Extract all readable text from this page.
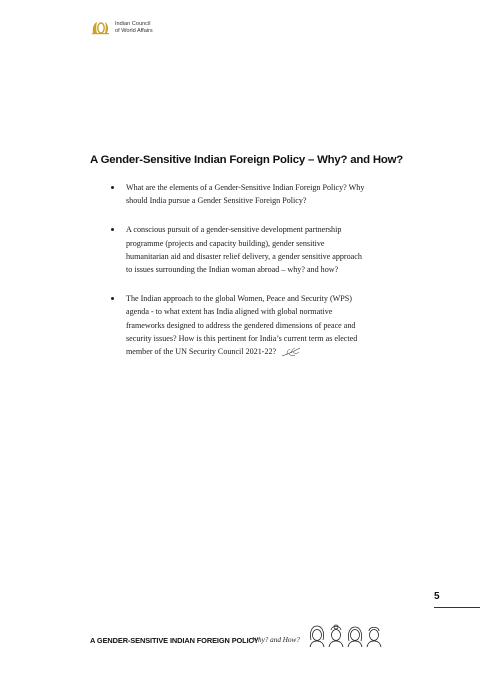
Indian Council
of World Affairs
A Gender-Sensitive Indian Foreign Policy – Why? and How?
What are the elements of a Gender-Sensitive Indian Foreign Policy? Why should India pursue a Gender Sensitive Foreign Policy?
A conscious pursuit of a gender-sensitive development partnership programme (projects and capacity building), gender sensitive humanitarian aid and disaster relief delivery, a gender sensitive approach to issues surrounding the Indian woman abroad – why? and how?
The Indian approach to the global Women, Peace and Security (WPS) agenda - to what extent has India aligned with global normative frameworks designed to address the gendered dimensions of peace and security issues? How is this pertinent for India’s current term as elected member of the UN Security Council 2021-22?
5
A GENDER-SENSITIVE INDIAN FOREIGN POLICY
Why? and How?
